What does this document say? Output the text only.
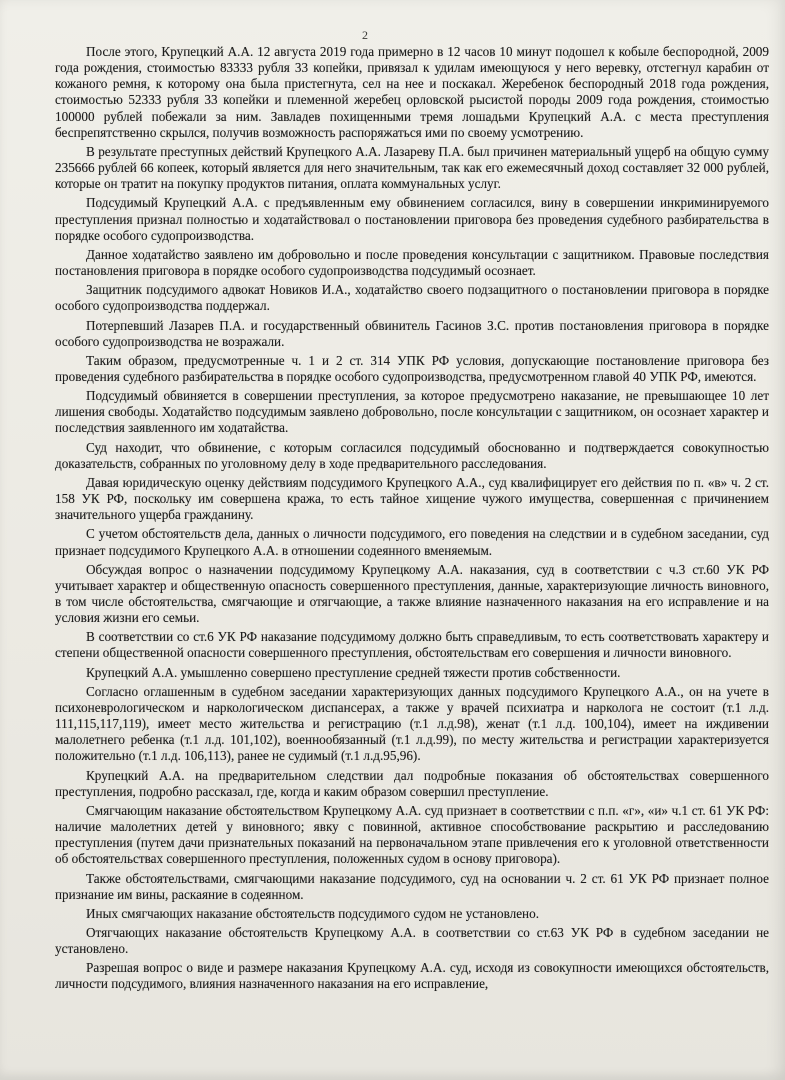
2

После этого, Крупецкий А.А. 12 августа 2019 года примерно в 12 часов 10 минут подошел к кобыле беспородной, 2009 года рождения, стоимостью 83333 рубля 33 копейки, привязал к удилам имеющуюся у него веревку, отстегнул карабин от кожаного ремня, к которому она была пристегнута, сел на нее и поскакал. Жеребенок беспородный 2018 года рождения, стоимостью 52333 рубля 33 копейки и племенной жеребец орловской рысистой породы 2009 года рождения, стоимостью 100000 рублей побежали за ним. Завладев похищенными тремя лошадьми Крупецкий А.А. с места преступления беспрепятственно скрылся, получив возможность распоряжаться ими по своему усмотрению.

В результате преступных действий Крупецкого А.А. Лазареву П.А. был причинен материальный ущерб на общую сумму 235666 рублей 66 копеек, который является для него значительным, так как его ежемесячный доход составляет 32 000 рублей, которые он тратит на покупку продуктов питания, оплата коммунальных услуг.

Подсудимый Крупецкий А.А. с предъявленным ему обвинением согласился, вину в совершении инкриминируемого преступления признал полностью и ходатайствовал о постановлении приговора без проведения судебного разбирательства в порядке особого судопроизводства.

Данное ходатайство заявлено им добровольно и после проведения консультации с защитником. Правовые последствия постановления приговора в порядке особого судопроизводства подсудимый осознает.

Защитник подсудимого адвокат Новиков И.А., ходатайство своего подзащитного о постановлении приговора в порядке особого судопроизводства поддержал.

Потерпевший Лазарев П.А. и государственный обвинитель Гасинов З.С. против постановления приговора в порядке особого судопроизводства не возражали.

Таким образом, предусмотренные ч. 1 и 2 ст. 314 УПК РФ условия, допускающие постановление приговора без проведения судебного разбирательства в порядке особого судопроизводства, предусмотренном главой 40 УПК РФ, имеются.

Подсудимый обвиняется в совершении преступления, за которое предусмотрено наказание, не превышающее 10 лет лишения свободы. Ходатайство подсудимым заявлено добровольно, после консультации с защитником, он осознает характер и последствия заявленного им ходатайства.

Суд находит, что обвинение, с которым согласился подсудимый обоснованно и подтверждается совокупностью доказательств, собранных по уголовному делу в ходе предварительного расследования.

Давая юридическую оценку действиям подсудимого Крупецкого А.А., суд квалифицирует его действия по п. «в» ч. 2 ст. 158 УК РФ, поскольку им совершена кража, то есть тайное хищение чужого имущества, совершенная с причинением значительного ущерба гражданину.

С учетом обстоятельств дела, данных о личности подсудимого, его поведения на следствии и в судебном заседании, суд признает подсудимого Крупецкого А.А. в отношении содеянного вменяемым.

Обсуждая вопрос о назначении подсудимому Крупецкому А.А. наказания, суд в соответствии с ч.3 ст.60 УК РФ учитывает характер и общественную опасность совершенного преступления, данные, характеризующие личность виновного, в том числе обстоятельства, смягчающие и отягчающие, а также влияние назначенного наказания на его исправление и на условия жизни его семьи.

В соответствии со ст.6 УК РФ наказание подсудимому должно быть справедливым, то есть соответствовать характеру и степени общественной опасности совершенного преступления, обстоятельствам его совершения и личности виновного.

Крупецкий А.А. умышленно совершено преступление средней тяжести против собственности.

Согласно оглашенным в судебном заседании характеризующих данных подсудимого Крупецкого А.А., он на учете в психоневрологическом и наркологическом диспансерах, а также у врачей психиатра и нарколога не состоит (т.1 л.д. 111,115,117,119), имеет место жительства и регистрацию (т.1 л.д.98), женат (т.1 л.д. 100,104), имеет на иждивении малолетнего ребенка (т.1 л.д. 101,102), военнообязанный (т.1 л.д.99), по месту жительства и регистрации характеризуется положительно (т.1 л.д. 106,113), ранее не судимый (т.1 л.д.95,96).

Крупецкий А.А. на предварительном следствии дал подробные показания об обстоятельствах совершенного преступления, подробно рассказал, где, когда и каким образом совершил преступление.

Смягчающим наказание обстоятельством Крупецкому А.А. суд признает в соответствии с п.п. «г», «и» ч.1 ст. 61 УК РФ: наличие малолетних детей у виновного; явку с повинной, активное способствование раскрытию и расследованию преступления (путем дачи признательных показаний на первоначальном этапе привлечения его к уголовной ответственности об обстоятельствах совершенного преступления, положенных судом в основу приговора).

Также обстоятельствами, смягчающими наказание подсудимого, суд на основании ч. 2 ст. 61 УК РФ признает полное признание им вины, раскаяние в содеянном.

Иных смягчающих наказание обстоятельств подсудимого судом не установлено.

Отягчающих наказание обстоятельств Крупецкому А.А. в соответствии со ст.63 УК РФ в судебном заседании не установлено.

Разрешая вопрос о виде и размере наказания Крупецкому А.А. суд, исходя из совокупности имеющихся обстоятельств, личности подсудимого, влияния назначенного наказания на его исправление,
